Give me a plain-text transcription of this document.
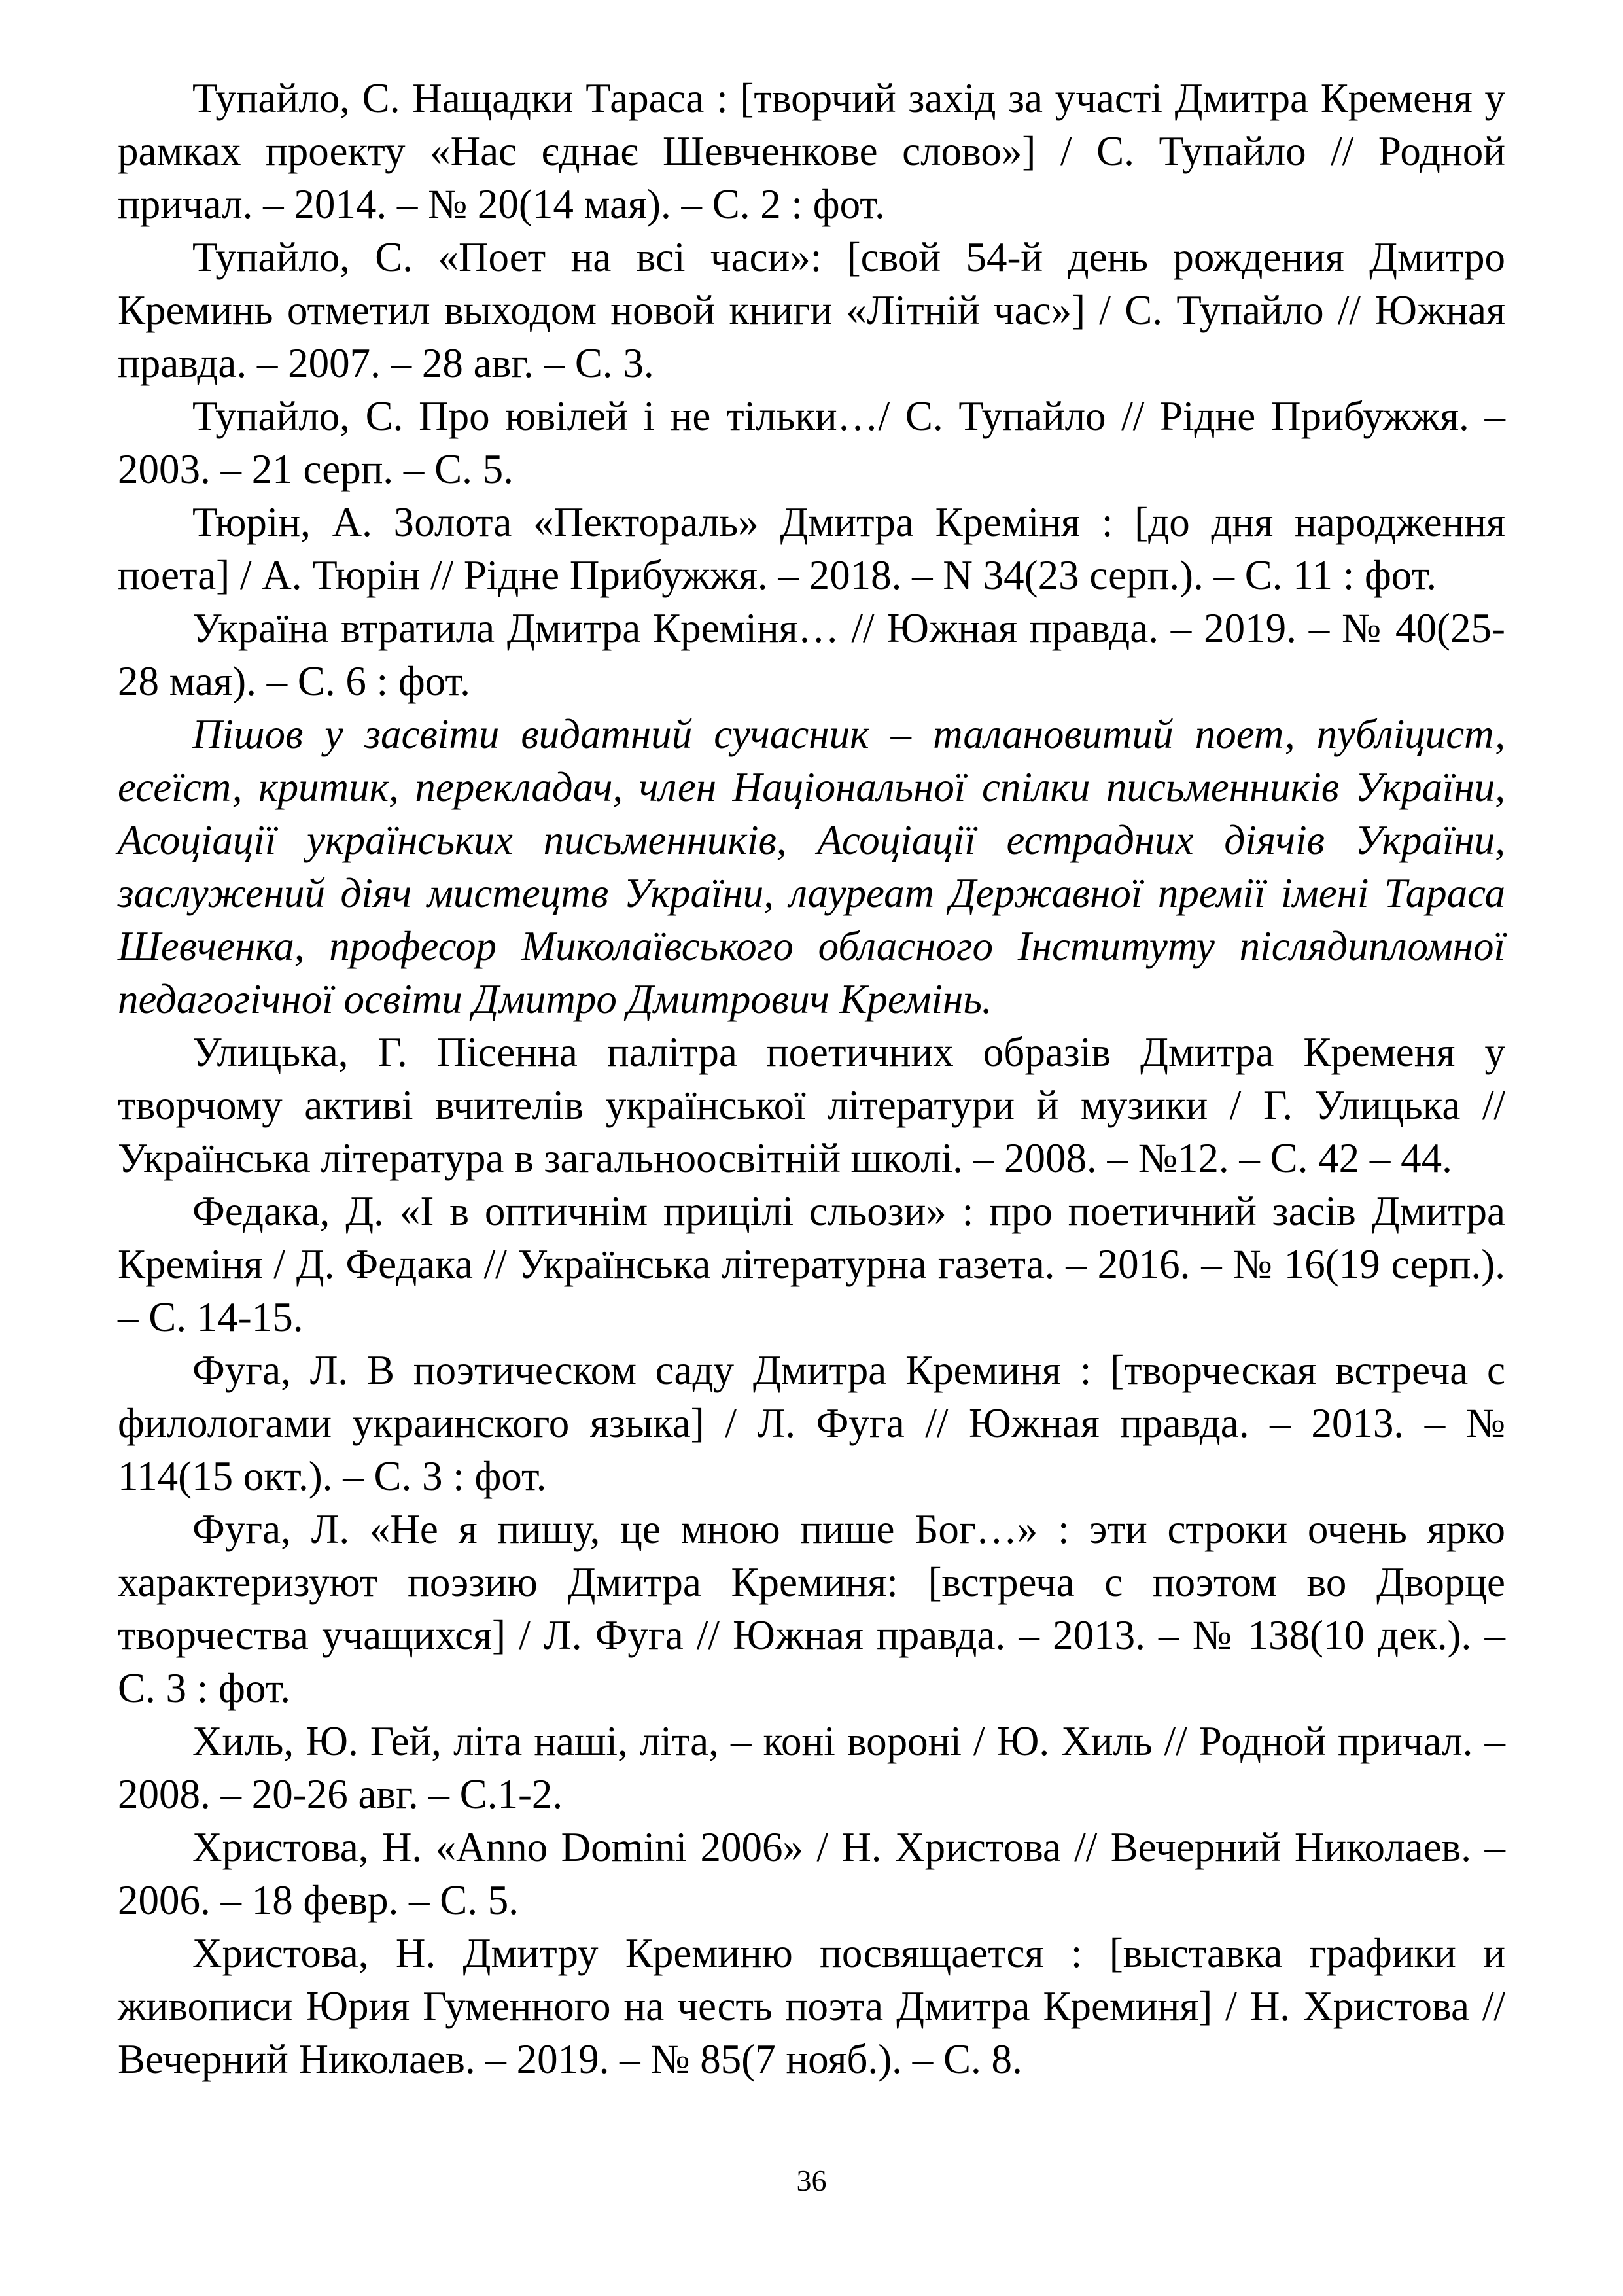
Тупайло, С. Нащадки Тараса : [творчий захід за участі Дмитра Кременя у рамках проекту «Нас єднає Шевченкове слово»] / С. Тупайло // Родной причал. – 2014. – № 20(14 мая). – С. 2 : фот.

Тупайло, С. «Поет на всі часи»: [свой 54-й день рождения Дмитро Креминь отметил выходом новой книги «Літній час»] / С. Тупайло // Южная правда. – 2007. – 28 авг. – С. 3.

Тупайло, С. Про ювілей і не тільки…/ С. Тупайло // Рідне Прибужжя. – 2003. – 21 серп. – С. 5.

Тюрін, А. Золота «Пектораль» Дмитра Креміня : [до дня народження поета] / А. Тюрін // Рідне Прибужжя. – 2018. – N 34(23 серп.). – С. 11 : фот.

Україна втратила Дмитра Креміня… // Южная правда. – 2019. – № 40(25-28 мая). – С. 6 : фот.

Пішов у засвіти видатний сучасник – талановитий поет, публіцист, есеїст, критик, перекладач, член Національної спілки письменників України, Асоціації українських письменників, Асоціації естрадних діячів України, заслужений діяч мистецтв України, лауреат Державної премії імені Тараса Шевченка, професор Миколаївського обласного Інституту післядипломної педагогічної освіти Дмитро Дмитрович Кремінь.

Улицька, Г. Пісенна палітра поетичних образів Дмитра Кременя у творчому активі вчителів української літератури й музики / Г. Улицька // Українська література в загальноосвітній школі. – 2008. – №12. – С. 42 – 44.

Федака, Д. «І в оптичнім прицілі сльози» : про поетичний засів Дмитра Креміня / Д. Федака // Українська літературна газета. – 2016. – № 16(19 серп.). – С. 14-15.

Фуга, Л. В поэтическом саду Дмитра Креминя : [творческая встреча с филологами украинского языка] / Л. Фуга // Южная правда. – 2013. – № 114(15 окт.). – С. 3 : фот.

Фуга, Л. «Не я пишу, це мною пише Бог…» : эти строки очень ярко характеризуют поэзию Дмитра Креминя: [встреча с поэтом во Дворце творчества учащихся] / Л. Фуга // Южная правда. – 2013. – № 138(10 дек.). – С. 3 : фот.

Хиль, Ю. Гей, літа наші, літа, – коні вороні / Ю. Хиль // Родной причал. – 2008. – 20-26 авг. – С.1-2.

Христова, Н. «Anno Domini 2006» / Н. Христова // Вечерний Николаев. – 2006. – 18 февр. – С. 5.

Христова, Н. Дмитру Креминю посвящается : [выставка графики и живописи Юрия Гуменного на честь поэта Дмитра Креминя] / Н. Христова // Вечерний Николаев. – 2019. – № 85(7 нояб.). – С. 8.

36
